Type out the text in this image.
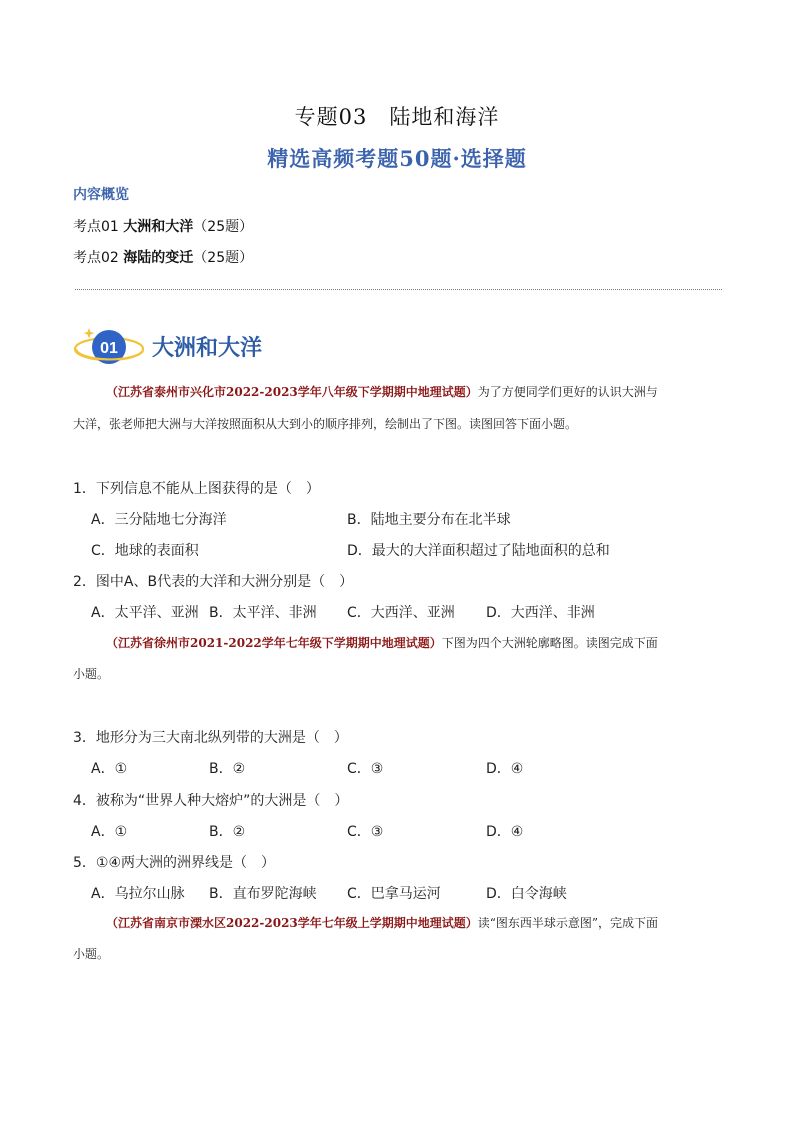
专题03　陆地和海洋
精选高频考题50题·选择题
内容概览
考点01 大洲和大洋（25题）
考点02 海陆的变迁（25题）
01 大洲和大洋
（江苏省泰州市兴化市2022-2023学年八年级下学期期中地理试题）为了方便同学们更好的认识大洲与
大洋，张老师把大洲与大洋按照面积从大到小的顺序排列，绘制出了下图。读图回答下面小题。
1．下列信息不能从上图获得的是（　）
A．三分陆地七分海洋	B．陆地主要分布在北半球
C．地球的表面积	D．最大的大洋面积超过了陆地面积的总和
2．图中A、B代表的大洋和大洲分别是（　）
A．太平洋、亚洲 B．太平洋、非洲 C．大西洋、亚洲 D．大西洋、非洲
（江苏省徐州市2021-2022学年七年级下学期期中地理试题）下图为四个大洲轮廓略图。读图完成下面
小题。
3．地形分为三大南北纵列带的大洲是（　）
A．①	B．②	C．③	D．④
4．被称为“世界人种大熔炉”的大洲是（　）
A．①	B．②	C．③	D．④
5．①④两大洲的洲界线是（　）
A．乌拉尔山脉 B．直布罗陀海峡 C．巴拿马运河	D．白令海峡
（江苏省南京市溧水区2022-2023学年七年级上学期期中地理试题）读“图东西半球示意图”，完成下面
小题。
